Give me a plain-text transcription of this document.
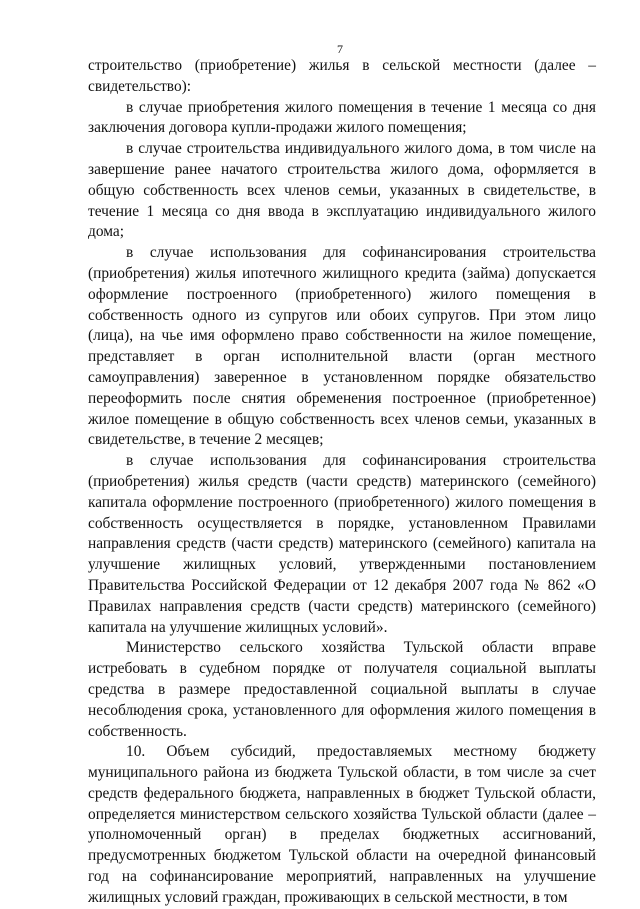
7

строительство (приобретение) жилья в сельской местности (далее – свидетельство):

в случае приобретения жилого помещения в течение 1 месяца со дня заключения договора купли-продажи жилого помещения;

в случае строительства индивидуального жилого дома, в том числе на завершение ранее начатого строительства жилого дома, оформляется в общую собственность всех членов семьи, указанных в свидетельстве, в течение 1 месяца со дня ввода в эксплуатацию индивидуального жилого дома;

в случае использования для софинансирования строительства (приобретения) жилья ипотечного жилищного кредита (займа) допускается оформление построенного (приобретенного) жилого помещения в собственность одного из супругов или обоих супругов. При этом лицо (лица), на чье имя оформлено право собственности на жилое помещение, представляет в орган исполнительной власти (орган местного самоуправления) заверенное в установленном порядке обязательство переоформить после снятия обременения построенное (приобретенное) жилое помещение в общую собственность всех членов семьи, указанных в свидетельстве, в течение 2 месяцев;

в случае использования для софинансирования строительства (приобретения) жилья средств (части средств) материнского (семейного) капитала оформление построенного (приобретенного) жилого помещения в собственность осуществляется в порядке, установленном Правилами направления средств (части средств) материнского (семейного) капитала на улучшение жилищных условий, утвержденными постановлением Правительства Российской Федерации от 12 декабря 2007 года № 862 «О Правилах направления средств (части средств) материнского (семейного) капитала на улучшение жилищных условий».

Министерство сельского хозяйства Тульской области вправе истребовать в судебном порядке от получателя социальной выплаты средства в размере предоставленной социальной выплаты в случае несоблюдения срока, установленного для оформления жилого помещения в собственность.

10. Объем субсидий, предоставляемых местному бюджету муниципального района из бюджета Тульской области, в том числе за счет средств федерального бюджета, направленных в бюджет Тульской области, определяется министерством сельского хозяйства Тульской области (далее – уполномоченный орган) в пределах бюджетных ассигнований, предусмотренных бюджетом Тульской области на очередной финансовый год на софинансирование мероприятий, направленных на улучшение жилищных условий граждан, проживающих в сельской местности, в том
